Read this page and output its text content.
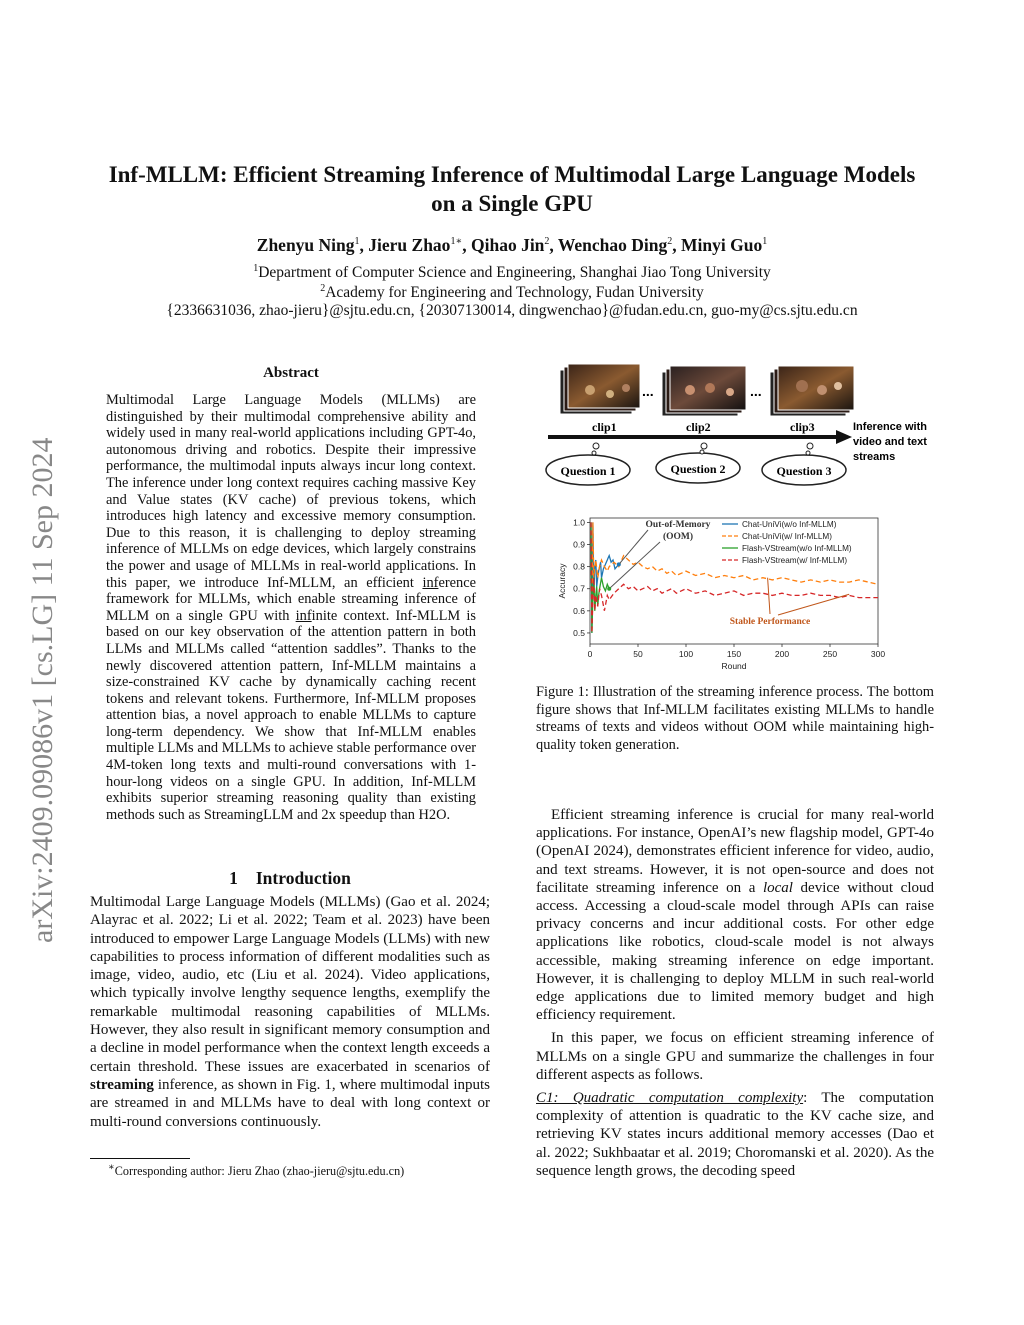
arXiv:2409.09086v1 [cs.LG] 11 Sep 2024
Inf-MLLM: Efficient Streaming Inference of Multimodal Large Language Models
on a Single GPU
Zhenyu Ning$^1$, Jieru Zhao$^{1∗}$, Qihao Jin$^2$, Wenchao Ding$^2$, Minyi Guo$^1$
$^1$Department of Computer Science and Engineering, Shanghai Jiao Tong University
$^2$Academy for Engineering and Technology, Fudan University
{2336631036, zhao-jieru}@sjtu.edu.cn, {20307130014, dingwenchao}@fudan.edu.cn, guo-my@cs.sjtu.edu.cn
Abstract

Multimodal Large Language Models (MLLMs) are distinguished by their multimodal comprehensive ability and widely used in many real-world applications including GPT-4o, autonomous driving and robotics. Despite their impressive performance, the multimodal inputs always incur long context. The inference under long context requires caching massive Key and Value states (KV cache) of previous tokens, which introduces high latency and excessive memory consumption. Due to this reason, it is challenging to deploy streaming inference of MLLMs on edge devices, which largely constrains the power and usage of MLLMs in real-world applications. In this paper, we introduce Inf-MLLM, an efficient inference framework for MLLMs, which enable streaming inference of MLLM on a single GPU with infinite context. Inf-MLLM is based on our key observation of the attention pattern in both LLMs and MLLMs called “attention saddles”. Thanks to the newly discovered attention pattern, Inf-MLLM maintains a size-constrained KV cache by dynamically caching recent tokens and relevant tokens. Furthermore, Inf-MLLM proposes attention bias, a novel approach to enable MLLMs to capture long-term dependency. We show that Inf-MLLM enables multiple LLMs and MLLMs to achieve stable performance over 4M-token long texts and multi-round conversations with 1-hour-long videos on a single GPU. In addition, Inf-MLLM exhibits superior streaming reasoning quality than existing methods such as StreamingLLM and 2x speedup than H2O.

1 Introduction

Multimodal Large Language Models (MLLMs) (Gao et al. 2024; Alayrac et al. 2022; Li et al. 2022; Team et al. 2023) have been introduced to empower Large Language Models (LLMs) with new capabilities to process information of different modalities such as image, video, audio, etc (Liu et al. 2024). Video applications, which typically involve lengthy sequence lengths, exemplify the remarkable multimodal reasoning capabilities of MLLMs. However, they also result in significant memory consumption and a decline in model performance when the context length exceeds a certain threshold. These issues are exacerbated in scenarios of streaming inference, as shown in Fig. 1, where multimodal inputs are streamed in and MLLMs have to deal with long context or multi-round conversions continuously.

∗Corresponding author: Jieru Zhao (zhao-jieru@sjtu.edu.cn)
...	...
clip1	clip2	clip3	Inference with video and text streams
Question 1	Question 2	Question 3
0	50	100	150	200	250	300
0.5
0.6
0.7
0.8
0.9
1.0
Round
Accuracy
Chat-UniVi(w/o Inf-MLLM)
Chat-UniVi(w/ Inf-MLLM)
Flash-VStream(w/o Inf-MLLM)
Flash-VStream(w/ Inf-MLLM)
Out-of-Memory
(OOM)
Stable Performance
Figure 1: Illustration of the streaming inference process. The bottom figure shows that Inf-MLLM facilitates existing MLLMs to handle streams of texts and videos without OOM while maintaining high-quality token generation.

Efficient streaming inference is crucial for many real-world applications. For instance, OpenAI’s new flagship model, GPT-4o (OpenAI 2024), demonstrates efficient inference for video, audio, and text streams. However, it is not open-source and does not facilitate streaming inference on a local device without cloud access. Accessing a cloud-scale model through APIs can raise privacy concerns and incur additional costs. For other edge applications like robotics, cloud-scale model is not always accessible, making streaming inference on edge important. However, it is challenging to deploy MLLM in such real-world edge applications due to limited memory budget and high efficiency requirement.

In this paper, we focus on efficient streaming inference of MLLMs on a single GPU and summarize the challenges in four different aspects as follows.

C1: Quadratic computation complexity: The computation complexity of attention is quadratic to the KV cache size, and retrieving KV states incurs additional memory accesses (Dao et al. 2022; Sukhbaatar et al. 2019; Choromanski et al. 2020). As the sequence length grows, the decoding speed
